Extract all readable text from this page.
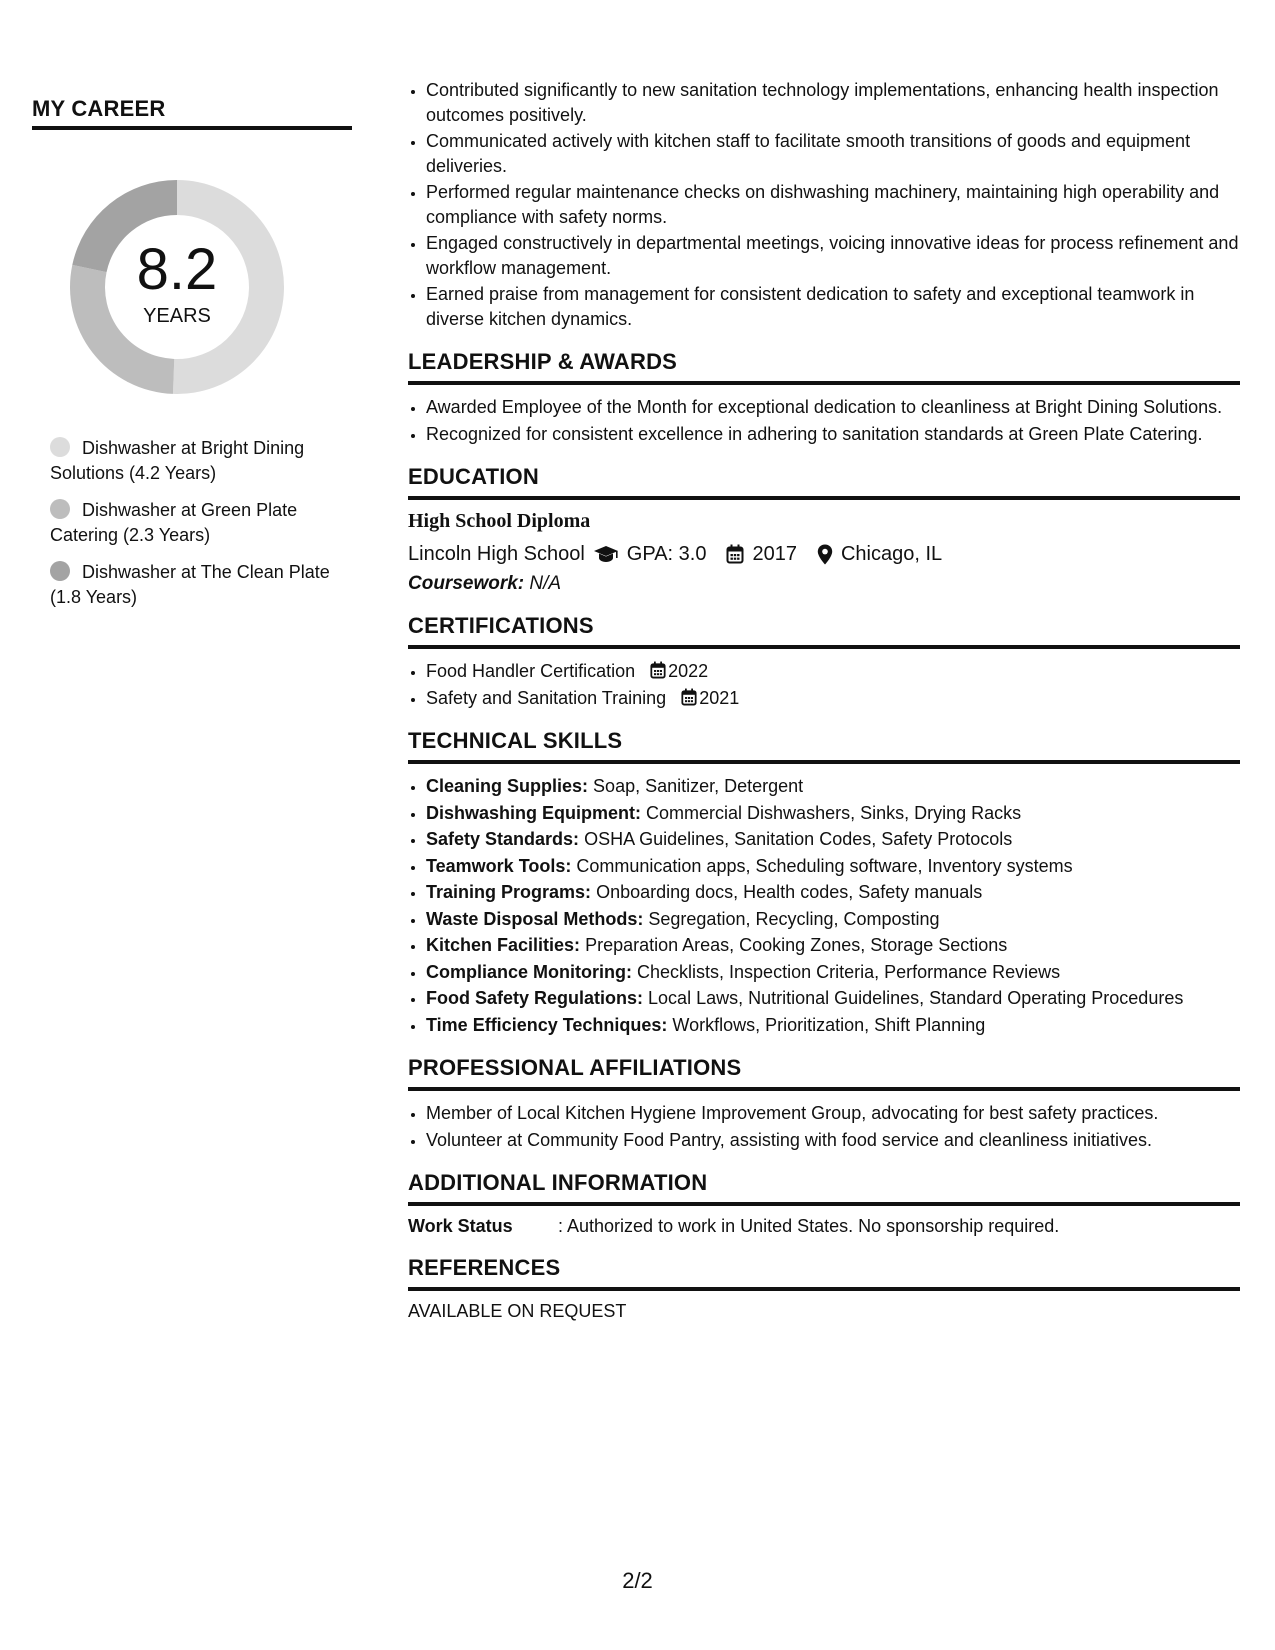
MY CAREER
8.2
YEARS
Dishwasher at Bright Dining Solutions (4.2 Years)
Dishwasher at Green Plate Catering (2.3 Years)
Dishwasher at The Clean Plate (1.8 Years)
• Contributed significantly to new sanitation technology implementations, enhancing health inspection outcomes positively.
• Communicated actively with kitchen staff to facilitate smooth transitions of goods and equipment deliveries.
• Performed regular maintenance checks on dishwashing machinery, maintaining high operability and compliance with safety norms.
• Engaged constructively in departmental meetings, voicing innovative ideas for process refinement and workflow management.
• Earned praise from management for consistent dedication to safety and exceptional teamwork in diverse kitchen dynamics.
LEADERSHIP & AWARDS
• Awarded Employee of the Month for exceptional dedication to cleanliness at Bright Dining Solutions.
• Recognized for consistent excellence in adhering to sanitation standards at Green Plate Catering.
EDUCATION
High School Diploma
Lincoln High School GPA: 3.0 2017 Chicago, IL
Coursework: N/A
CERTIFICATIONS
• Food Handler Certification 2022
• Safety and Sanitation Training 2021
TECHNICAL SKILLS
• Cleaning Supplies: Soap, Sanitizer, Detergent
• Dishwashing Equipment: Commercial Dishwashers, Sinks, Drying Racks
• Safety Standards: OSHA Guidelines, Sanitation Codes, Safety Protocols
• Teamwork Tools: Communication apps, Scheduling software, Inventory systems
• Training Programs: Onboarding docs, Health codes, Safety manuals
• Waste Disposal Methods: Segregation, Recycling, Composting
• Kitchen Facilities: Preparation Areas, Cooking Zones, Storage Sections
• Compliance Monitoring: Checklists, Inspection Criteria, Performance Reviews
• Food Safety Regulations: Local Laws, Nutritional Guidelines, Standard Operating Procedures
• Time Efficiency Techniques: Workflows, Prioritization, Shift Planning
PROFESSIONAL AFFILIATIONS
• Member of Local Kitchen Hygiene Improvement Group, advocating for best safety practices.
• Volunteer at Community Food Pantry, assisting with food service and cleanliness initiatives.
ADDITIONAL INFORMATION
Work Status	: Authorized to work in United States. No sponsorship required.
REFERENCES
AVAILABLE ON REQUEST
2/2
